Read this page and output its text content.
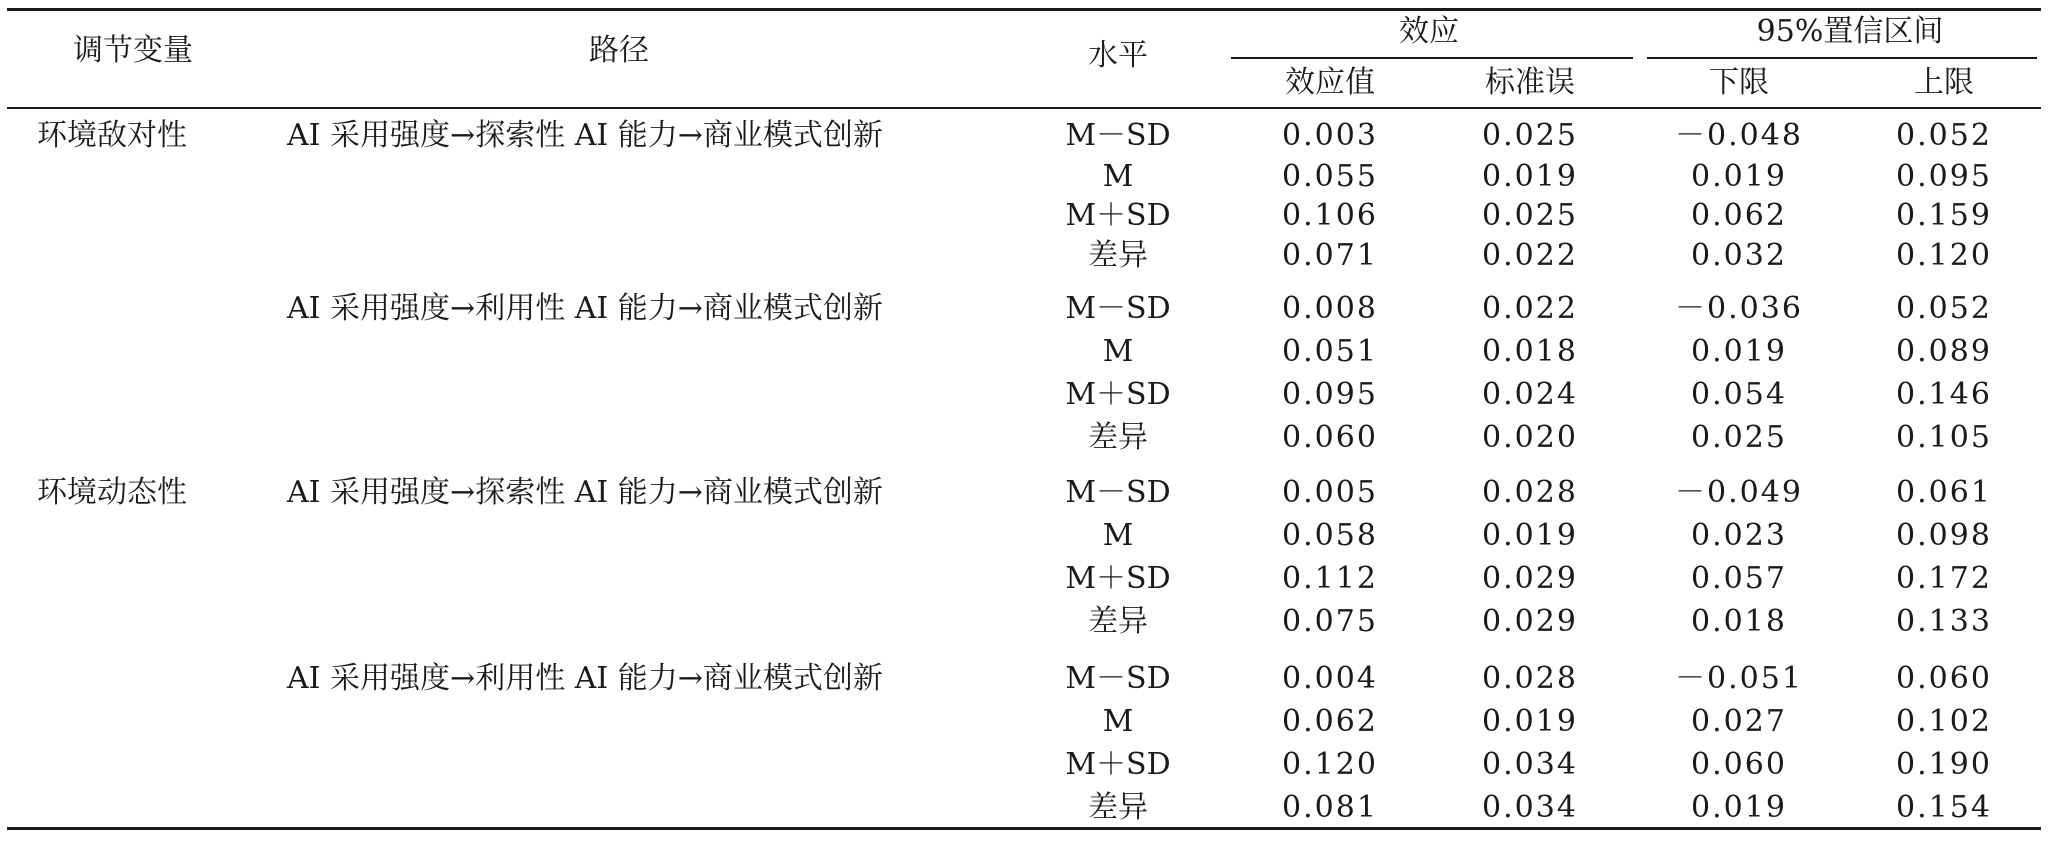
调节变量	路径	水平
效应	95%置信区间
效应值	标准误	下限	上限
环境敌对性	AI 采用强度→探索性 AI 能力→商业模式创新	M－SD	0.003	0.025	－0.048	0.052
M	0.055	0.019	0.019	0.095
M＋SD	0.106	0.025	0.062	0.159
差异	0.071	0.022	0.032	0.120
AI 采用强度→利用性 AI 能力→商业模式创新	M－SD	0.008	0.022	－0.036	0.052
M	0.051	0.018	0.019	0.089
M＋SD	0.095	0.024	0.054	0.146
差异	0.060	0.020	0.025	0.105
环境动态性	AI 采用强度→探索性 AI 能力→商业模式创新	M－SD	0.005	0.028	－0.049	0.061
M	0.058	0.019	0.023	0.098
M＋SD	0.112	0.029	0.057	0.172
差异	0.075	0.029	0.018	0.133
AI 采用强度→利用性 AI 能力→商业模式创新	M－SD	0.004	0.028	－0.051	0.060
M	0.062	0.019	0.027	0.102
M＋SD	0.120	0.034	0.060	0.190
差异	0.081	0.034	0.019	0.154
